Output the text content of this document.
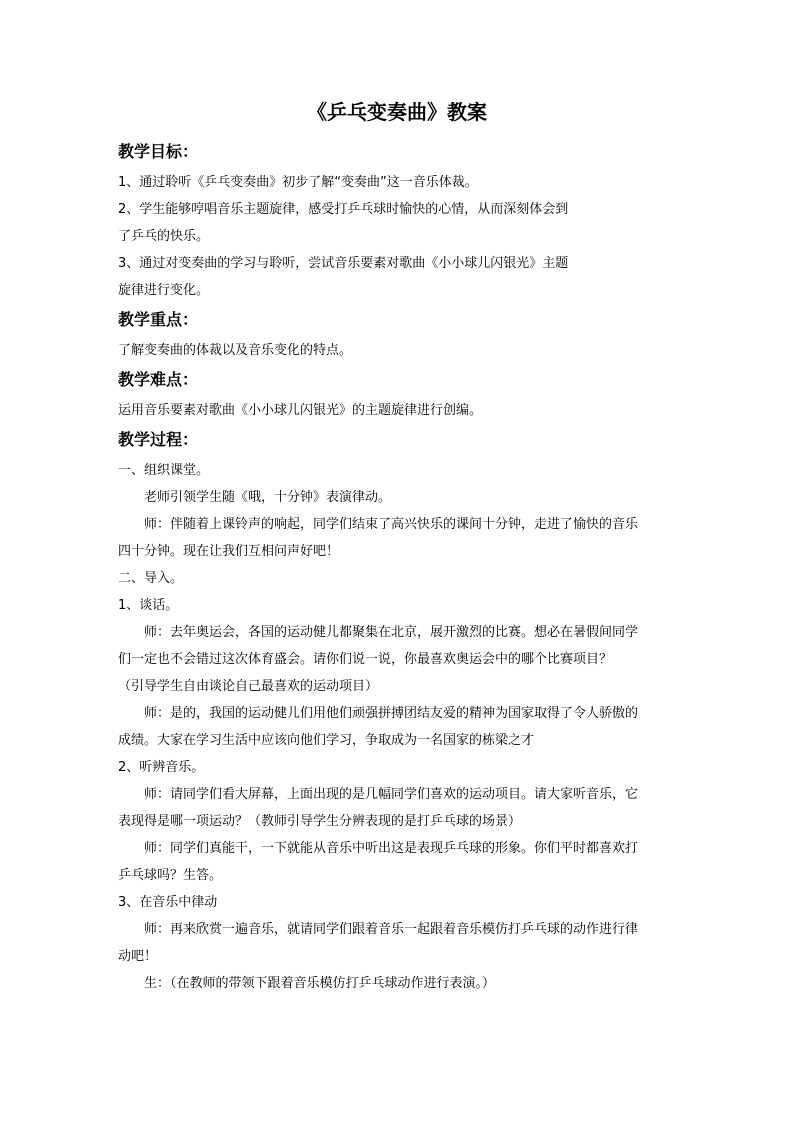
《乒乓变奏曲》教案
教学目标：

1、通过聆听《乒乓变奏曲》初步了解“变奏曲”这一音乐体裁。

2、学生能够哼唱音乐主题旋律，感受打乒乓球时愉快的心情，从而深刻体会到

了乒乓的快乐。

3、通过对变奏曲的学习与聆听，尝试音乐要素对歌曲《小小球儿闪银光》主题

旋律进行变化。

教学重点：

了解变奏曲的体裁以及音乐变化的特点。

教学难点：

运用音乐要素对歌曲《小小球儿闪银光》的主题旋律进行创编。

教学过程：

一、组织课堂。

老师引领学生随《哦，十分钟》表演律动。

师：伴随着上课铃声的响起，同学们结束了高兴快乐的课间十分钟，走进了愉快的音乐

四十分钟。现在让我们互相问声好吧！

二、导入。

1、谈话。

师：去年奥运会，各国的运动健儿都聚集在北京，展开激烈的比赛。想必在暑假间同学

们一定也不会错过这次体育盛会。请你们说一说，你最喜欢奥运会中的哪个比赛项目？

（引导学生自由谈论自己最喜欢的运动项目）

师：是的，我国的运动健儿们用他们顽强拼搏团结友爱的精神为国家取得了令人骄傲的

成绩。大家在学习生活中应该向他们学习，争取成为一名国家的栋梁之才

2、听辨音乐。

师：请同学们看大屏幕，上面出现的是几幅同学们喜欢的运动项目。请大家听音乐，它

表现得是哪一项运动？（教师引导学生分辨表现的是打乒乓球的场景）

师：同学们真能干，一下就能从音乐中听出这是表现乒乓球的形象。你们平时都喜欢打

乒乓球吗？生答。

3、在音乐中律动

师：再来欣赏一遍音乐，就请同学们跟着音乐一起跟着音乐模仿打乒乓球的动作进行律

动吧！

生：（在教师的带领下跟着音乐模仿打乒乓球动作进行表演。）
